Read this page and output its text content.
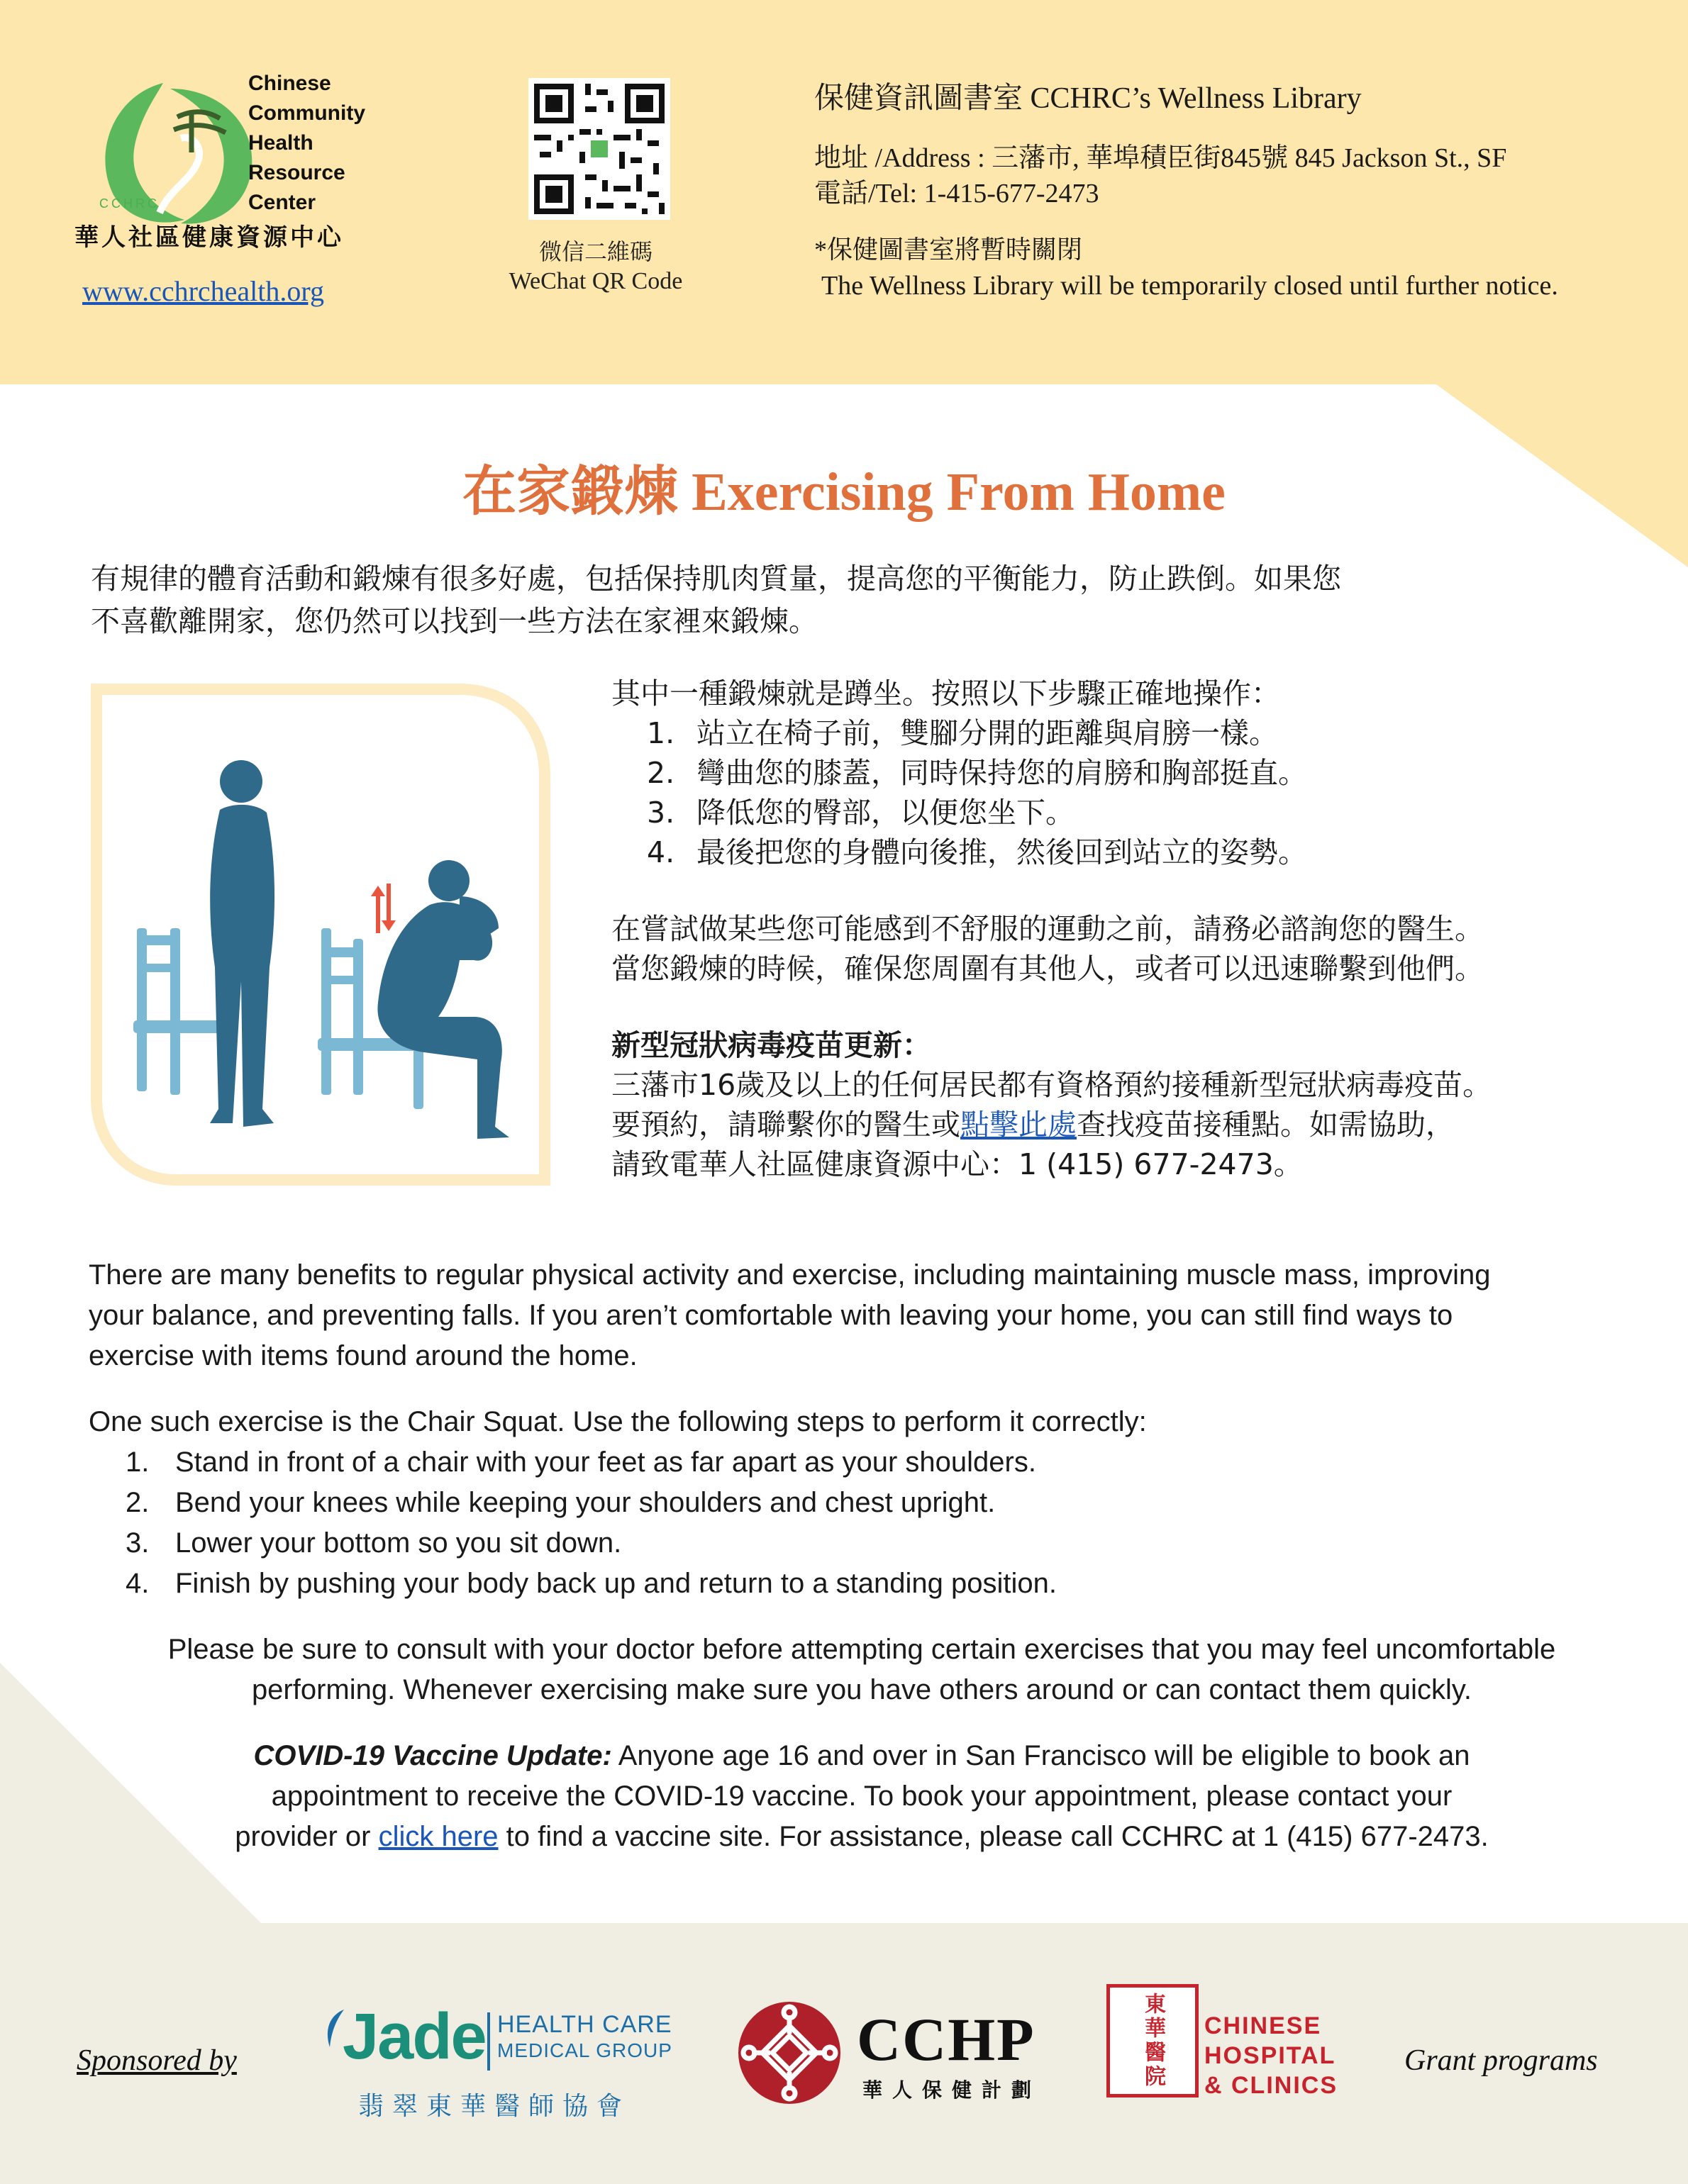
Chinese
Community
Health
Resource
Center
CCHRC
華人社區健康資源中心
www.cchrchealth.org
微信二維碼
WeChat QR Code
保健資訊圖書室 CCHRC’s Wellness Library
地址 /Address : 三藩市, 華埠積臣街845號 845 Jackson St., SF
電話/Tel: 1-415-677-2473
*保健圖書室將暫時關閉
The Wellness Library will be temporarily closed until further notice.
在家鍛煉 Exercising From Home
有規律的體育活動和鍛煉有很多好處，包括保持肌肉質量，提高您的平衡能力，防止跌倒。如果您
不喜歡離開家，您仍然可以找到一些方法在家裡來鍛煉。
其中一種鍛煉就是蹲坐。按照以下步驟正確地操作：
1. 站立在椅子前，雙腳分開的距離與肩膀一樣。
2. 彎曲您的膝蓋，同時保持您的肩膀和胸部挺直。
3. 降低您的臀部，以便您坐下。
4. 最後把您的身體向後推，然後回到站立的姿勢。
在嘗試做某些您可能感到不舒服的運動之前，請務必諮詢您的醫生。
當您鍛煉的時候，確保您周圍有其他人，或者可以迅速聯繫到他們。
新型冠狀病毒疫苗更新：
三藩市16歲及以上的任何居民都有資格預約接種新型冠狀病毒疫苗。
要預約，請聯繫你的醫生或點擊此處查找疫苗接種點。如需協助，
請致電華人社區健康資源中心：1 (415) 677-2473。

There are many benefits to regular physical activity and exercise, including maintaining muscle mass, improving

your balance, and preventing falls. If you aren’t comfortable with leaving your home, you can still find ways to

exercise with items found around the home.

One such exercise is the Chair Squat. Use the following steps to perform it correctly:

1. Stand in front of a chair with your feet as far apart as your shoulders.
2. Bend your knees while keeping your shoulders and chest upright.
3. Lower your bottom so you sit down.
4. Finish by pushing your body back up and return to a standing position.

Please be sure to consult with your doctor before attempting certain exercises that you may feel uncomfortable

performing. Whenever exercising make sure you have others around or can contact them quickly.

COVID-19 Vaccine Update: Anyone age 16 and over in San Francisco will be eligible to book an

appointment to receive the COVID-19 vaccine. To book your appointment, please contact your

provider or click here to find a vaccine site. For assistance, please call CCHRC at 1 (415) 677-2473.

Sponsored by Jade HEALTH CARE
MEDICAL GROUP
翡翠東華醫師協會
CCHP
華人保健計劃
東華醫院 CHINESE
HOSPITAL
& CLINICS
Grant programs
